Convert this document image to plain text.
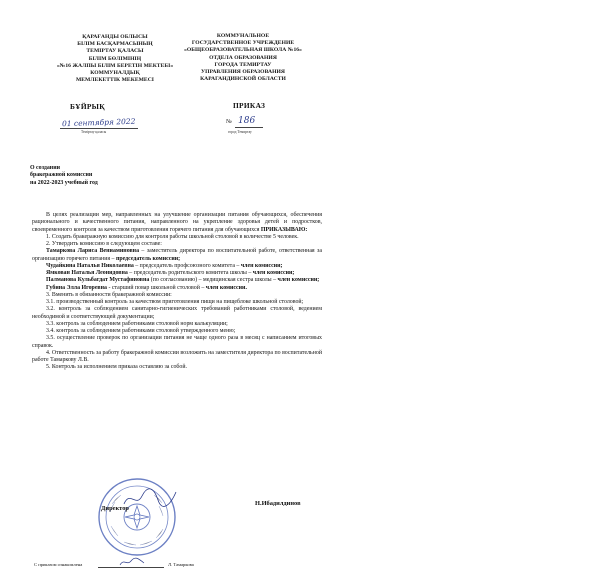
ҚАРАҒАНДЫ ОБЛЫСЫ
БІЛІМ БАСҚАРМАСЫНЫҢ
ТЕМІРТАУ ҚАЛАСЫ
БІЛІМ БӨЛІМІНІҢ
«№16 ЖАЛПЫ БІЛІМ БЕРЕТІН МЕКТЕБІ»
КОММУНАЛДЫҚ
МЕМЛЕКЕТТІК МЕКЕМЕСІ
КОММУНАЛЬНОЕ
ГОСУДАРСТВЕННОЕ УЧРЕЖДЕНИЕ
«ОБЩЕОБРАЗОВАТЕЛЬНАЯ ШКОЛА №16»
ОТДЕЛА ОБРАЗОВАНИЯ
ГОРОДА ТЕМИРТАУ
УПРАВЛЕНИЯ ОБРАЗОВАНИЯ
КАРАГАНДИНСКОЙ ОБЛАСТИ
БҰЙРЫҚ	ПРИКАЗ
01 сентября 2022
Теміртау қаласы
№ 186
город Темиртау
О создании
бракеражной комиссии
на 2022-2023 учебный год

В целях реализации мер, направленных на улучшение организации питания обучающихся, обеспечения рационального и качественного питания, направленного на укрепление здоровья детей и подростков, своевременного контроля за качеством приготовления горячего питания для обучающихся ПРИКАЗЫВАЮ:

1. Создать бракеражную комиссию для контроля работы школьной столовой в количестве 5 человек.

2. Утвердить комиссию в следующем составе:

Тамаркова Лариса Вениаминовна – заместитель директора по воспитательной работе, ответственная за организацию горячего питания – председатель комиссии;

Чудайкина Наталья Николаевна – председатель профсоюзного комитета – член комиссии;

Ямкован Наталья Леонидовна – председатель родительского комитета школы – член комиссии;

Палманова Кульбагдат Мустафиновна (по согласованию) – медицинская сестра школы – член комиссии;

Губина Элла Игоревна - старший повар школьной столовой – член комиссии.

3. Вменить в обязанности бракеражной комиссии:

3.1. производственный контроль за качеством приготовления пищи на пищеблоке школьной столовой;

3.2. контроль за соблюдением санитарно-гигиенических требований работниками столовой, ведением необходимой и соответствующей документации;

3.3. контроль за соблюдением работниками столовой норм калькуляции;

3.4. контроль за соблюдением работниками столовой утвержденного меню;

3.5. осуществление проверок по организации питания не чаще одного раза в месяц с написанием итоговых справок.

4. Ответственность за работу бракеражной комиссии возложить на заместителя директора по воспитательной работе Тамаркову Л.В.

5. Контроль за исполнением приказа оставляю за собой.

Директор
Н.Ибадилдинов
С приказом ознакомлена	Л. Тамаркова
